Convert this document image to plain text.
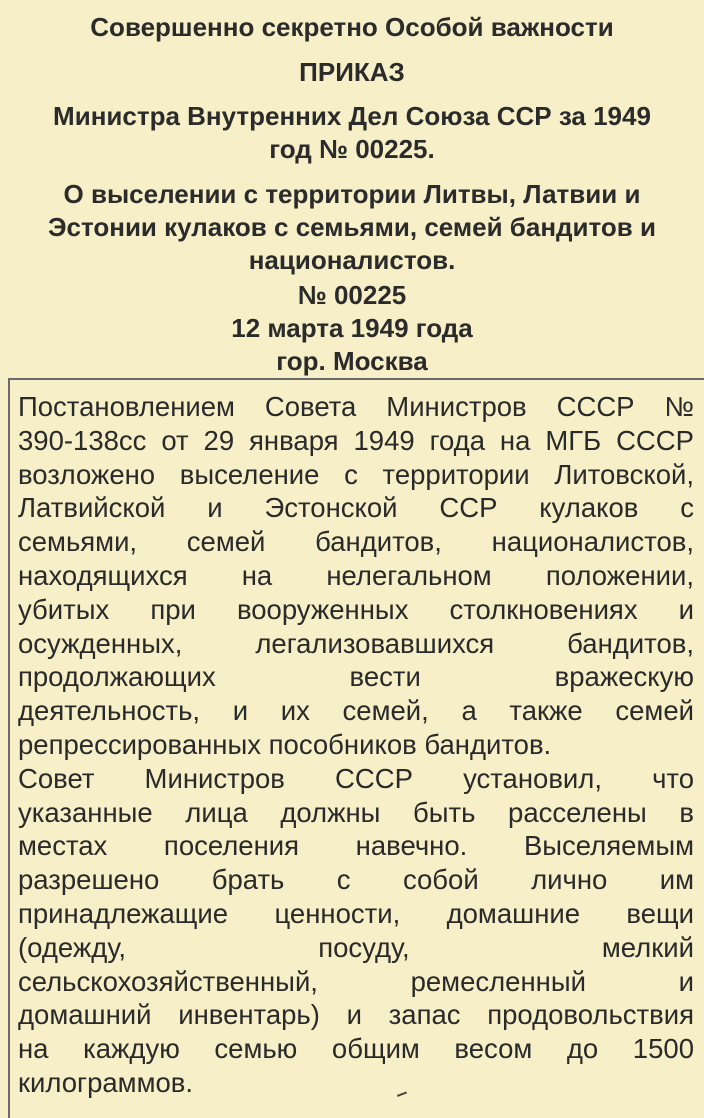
Совершенно секретно Особой важности
ПРИКАЗ
Министра Внутренних Дел Союза ССР за 1949
год № 00225.
О выселении с территории Литвы, Латвии и
Эстонии кулаков с семьями, семей бандитов и
националистов.
№ 00225
12 марта 1949 года
гор. Москва
Постановлением Совета Министров СССР №
390-138сс от 29 января 1949 года на МГБ СССР
возложено выселение с территории Литовской,
Латвийской и Эстонской ССР кулаков с
семьями, семей бандитов, националистов,
находящихся на нелегальном положении,
убитых при вооруженных столкновениях и
осужденных, легализовавшихся бандитов,
продолжающих вести вражескую
деятельность, и их семей, а также семей
репрессированных пособников бандитов.
Совет Министров СССР установил, что
указанные лица должны быть расселены в
местах поселения навечно. Выселяемым
разрешено брать с собой лично им
принадлежащие ценности, домашние вещи
(одежду, посуду, мелкий
сельскохозяйственный, ремесленный и
домашний инвентарь) и запас продовольствия
на каждую семью общим весом до 1500
килограммов.
